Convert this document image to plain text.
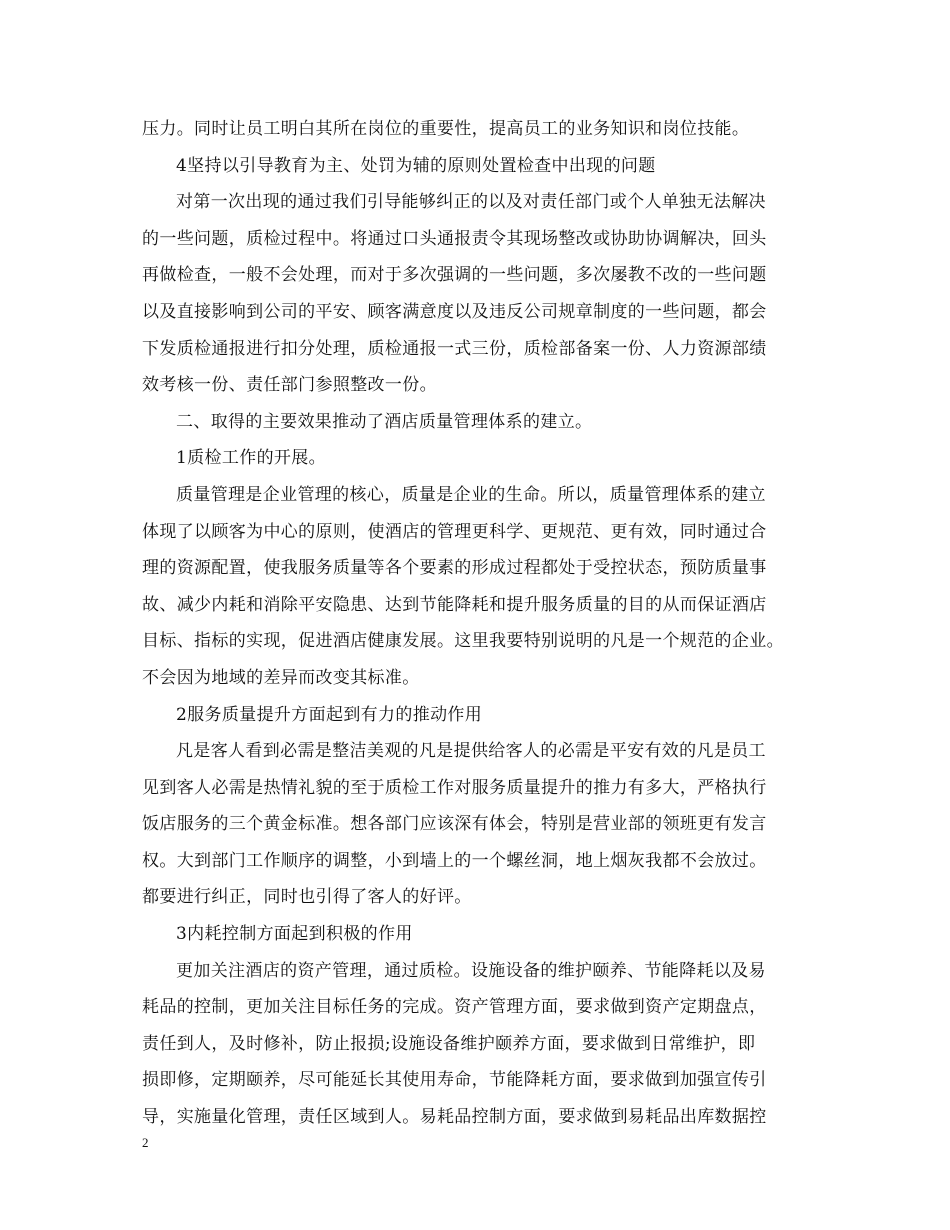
压力。同时让员工明白其所在岗位的重要性，提高员工的业务知识和岗位技能。
4坚持以引导教育为主、处罚为辅的原则处置检查中出现的问题
对第一次出现的通过我们引导能够纠正的以及对责任部门或个人单独无法解决
的一些问题，质检过程中。将通过口头通报责令其现场整改或协助协调解决，回头
再做检查，一般不会处理，而对于多次强调的一些问题，多次屡教不改的一些问题
以及直接影响到公司的平安、顾客满意度以及违反公司规章制度的一些问题，都会
下发质检通报进行扣分处理，质检通报一式三份，质检部备案一份、人力资源部绩
效考核一份、责任部门参照整改一份。
二、取得的主要效果推动了酒店质量管理体系的建立。
1质检工作的开展。
质量管理是企业管理的核心，质量是企业的生命。所以，质量管理体系的建立
体现了以顾客为中心的原则，使酒店的管理更科学、更规范、更有效，同时通过合
理的资源配置，使我服务质量等各个要素的形成过程都处于受控状态，预防质量事
故、减少内耗和消除平安隐患、达到节能降耗和提升服务质量的目的从而保证酒店
目标、指标的实现，促进酒店健康发展。这里我要特别说明的凡是一个规范的企业。
不会因为地域的差异而改变其标准。
2服务质量提升方面起到有力的推动作用
凡是客人看到必需是整洁美观的凡是提供给客人的必需是平安有效的凡是员工
见到客人必需是热情礼貌的至于质检工作对服务质量提升的推力有多大，严格执行
饭店服务的三个黄金标准。想各部门应该深有体会，特别是营业部的领班更有发言
权。大到部门工作顺序的调整，小到墙上的一个螺丝洞，地上烟灰我都不会放过。
都要进行纠正，同时也引得了客人的好评。
3内耗控制方面起到积极的作用
更加关注酒店的资产管理，通过质检。设施设备的维护颐养、节能降耗以及易
耗品的控制，更加关注目标任务的完成。资产管理方面，要求做到资产定期盘点，
责任到人，及时修补，防止报损;设施设备维护颐养方面，要求做到日常维护，即
损即修，定期颐养，尽可能延长其使用寿命，节能降耗方面，要求做到加强宣传引
导，实施量化管理，责任区域到人。易耗品控制方面，要求做到易耗品出库数据控
2
